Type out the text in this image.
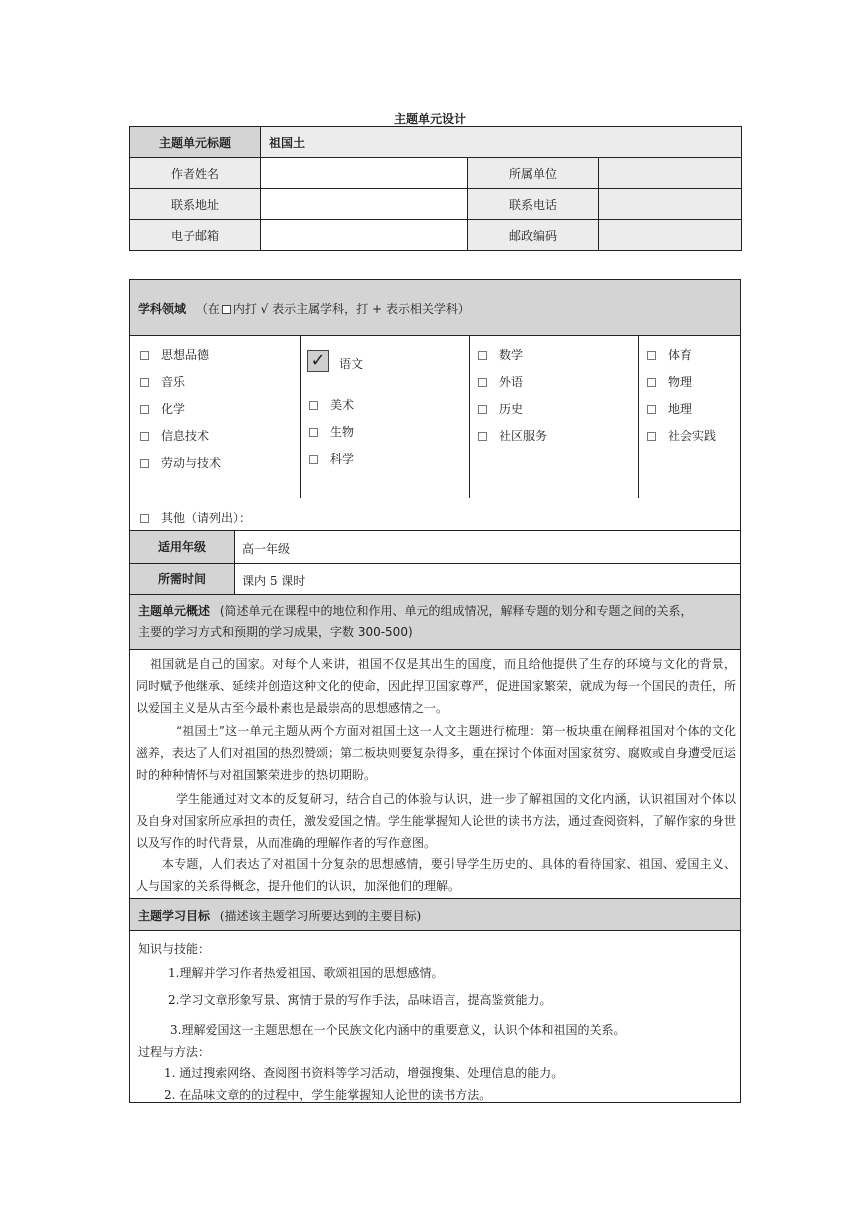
主题单元设计
主题单元标题	祖国土		
作者姓名		所属单位	
联系地址		联系电话	
电子邮箱		邮政编码	
学科领域 （在 内打 √ 表示主属学科，打 + 表示相关学科）
思想品德
音乐
化学
信息技术
劳动与技术
✓ 语文
美术
生物
科学
数学
外语
历史
社区服务
体育
物理
地理
社会实践
其他（请列出）：
适用年级	高一年级
所需时间	课内 5 课时
主题单元概述 (简述单元在课程中的地位和作用、单元的组成情况，解释专题的划分和专题之间的关系，
主要的学习方式和预期的学习成果，字数 300-500)
祖国就是自己的国家。对每个人来讲，祖国不仅是其出生的国度，而且给他提供了生存的环境与文化的背景，同时赋予他继承、延续并创造这种文化的使命，因此捍卫国家尊严，促进国家繁荣，就成为每一个国民的责任，所以爱国主义是从古至今最朴素也是最崇高的思想感情之一。
“祖国土”这一单元主题从两个方面对祖国土这一人文主题进行梳理：第一板块重在阐释祖国对个体的文化滋养，表达了人们对祖国的热烈赞颂；第二板块则要复杂得多，重在探讨个体面对国家贫穷、腐败或自身遭受厄运时的种种情怀与对祖国繁荣进步的热切期盼。
学生能通过对文本的反复研习，结合自己的体验与认识，进一步了解祖国的文化内涵，认识祖国对个体以及自身对国家所应承担的责任，激发爱国之情。学生能掌握知人论世的读书方法，通过查阅资料，了解作家的身世以及写作的时代背景，从而准确的理解作者的写作意图。
本专题，人们表达了对祖国十分复杂的思想感情，要引导学生历史的、具体的看待国家、祖国、爱国主义、人与国家的关系得概念，提升他们的认识，加深他们的理解。
主题学习目标 (描述该主题学习所要达到的主要目标)
知识与技能：
1.理解并学习作者热爱祖国、歌颂祖国的思想感情。
2.学习文章形象写景、寓情于景的写作手法，品味语言，提高鉴赏能力。
3.理解爱国这一主题思想在一个民族文化内涵中的重要意义，认识个体和祖国的关系。
过程与方法：
1. 通过搜索网络、查阅图书资料等学习活动，增强搜集、处理信息的能力。
2. 在品味文章的的过程中，学生能掌握知人论世的读书方法。
